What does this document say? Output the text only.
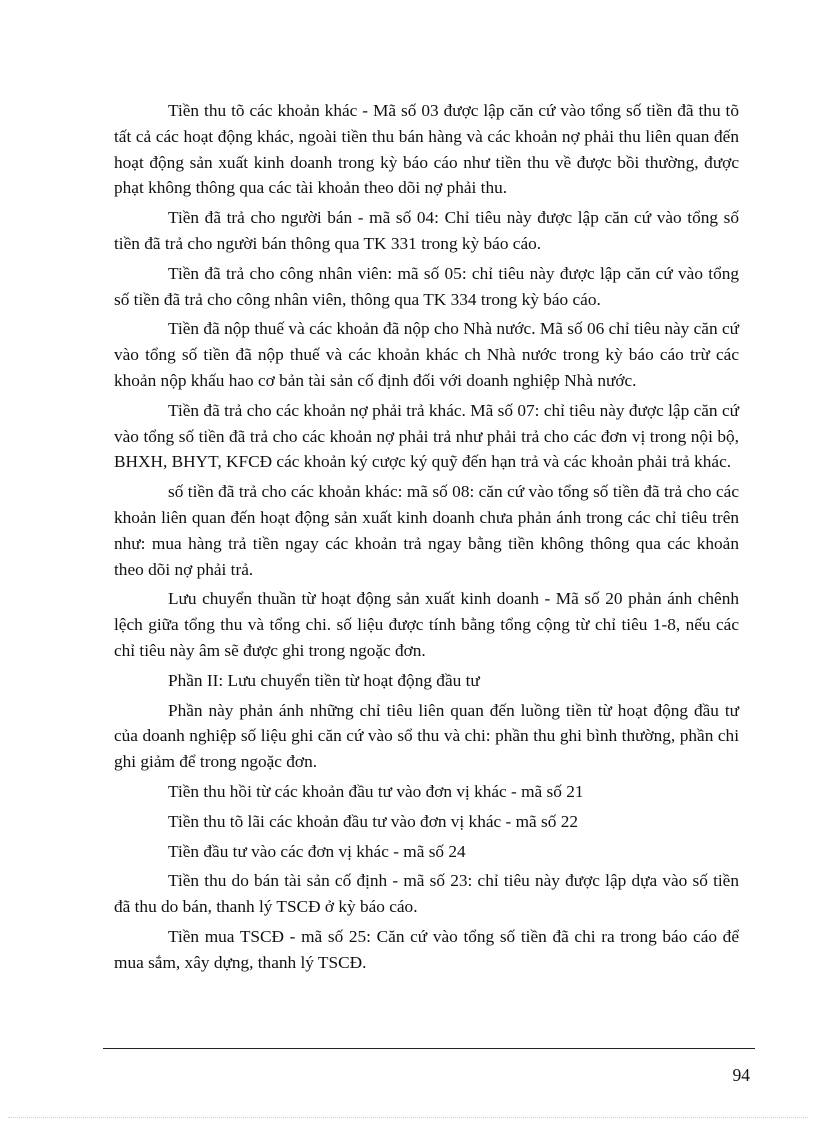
Tiền thu tõ các khoản khác - Mã số 03 được lập căn cứ vào tổng số tiền đã thu tõ tất cả các hoạt động khác, ngoài tiền thu bán hàng và các khoản nợ phải thu liên quan đến hoạt động sản xuất kinh doanh trong kỳ báo cáo như tiền thu về được bồi thường, được phạt không thông qua các tài khoản theo dõi nợ phải thu.

Tiền đã trả cho người bán - mã số 04: Chỉ tiêu này được lập căn cứ vào tổng số tiền đã trả cho người bán thông qua TK 331 trong kỳ báo cáo.

Tiền đã trả cho công nhân viên: mã số 05: chỉ tiêu này được lập căn cứ vào tổng số tiền đã trả cho công nhân viên, thông qua TK 334 trong kỳ báo cáo.

Tiền đã nộp thuế và các khoản đã nộp cho Nhà nước. Mã số 06 chỉ tiêu này căn cứ vào tổng số tiền đã nộp thuế và các khoản khác ch Nhà nước trong kỳ báo cáo trừ các khoản nộp khấu hao cơ bản tài sản cố định đối với doanh nghiệp Nhà nước.

Tiền đã trả cho các khoản nợ phải trả khác. Mã số 07: chỉ tiêu này được lập căn cứ vào tổng số tiền đã trả cho các khoản nợ phải trả như phải trả cho các đơn vị trong nội bộ, BHXH, BHYT, KFCĐ các khoản ký cược ký quỹ đến hạn trả và các khoản phải trả khác.

số tiền đã trả cho các khoản khác: mã số 08: căn cứ vào tổng số tiền đã trả cho các khoản liên quan đến hoạt động sản xuất kinh doanh chưa phản ánh trong các chỉ tiêu trên như: mua hàng trả tiền ngay các khoản trả ngay bằng tiền không thông qua các khoản theo dõi nợ phải trả.

Lưu chuyển thuần từ hoạt động sản xuất kinh doanh - Mã số 20 phản ánh chênh lệch giữa tổng thu và tổng chi. số liệu được tính bằng tổng cộng từ chỉ tiêu 1-8, nếu các chỉ tiêu này âm sẽ được ghi trong ngoặc đơn.

Phần II: Lưu chuyển tiền từ hoạt động đầu tư

Phần này phản ánh những chỉ tiêu liên quan đến luồng tiền từ hoạt động đầu tư của doanh nghiệp số liệu ghi căn cứ vào sổ thu và chi: phần thu ghi bình thường, phần chi ghi giảm để trong ngoặc đơn.

Tiền thu hồi từ các khoản đầu tư vào đơn vị khác - mã số 21

Tiền thu tõ lãi các khoản đầu tư vào đơn vị khác - mã số 22

Tiền đầu tư vào các đơn vị khác - mã số 24

Tiền thu do bán tài sản cố định - mã số 23: chỉ tiêu này được lập dựa vào số tiền đã thu do bán, thanh lý TSCĐ ở kỳ báo cáo.

Tiền mua TSCĐ - mã số 25: Căn cứ vào tổng số tiền đã chi ra trong báo cáo để mua sắm, xây dựng, thanh lý TSCĐ.

94
